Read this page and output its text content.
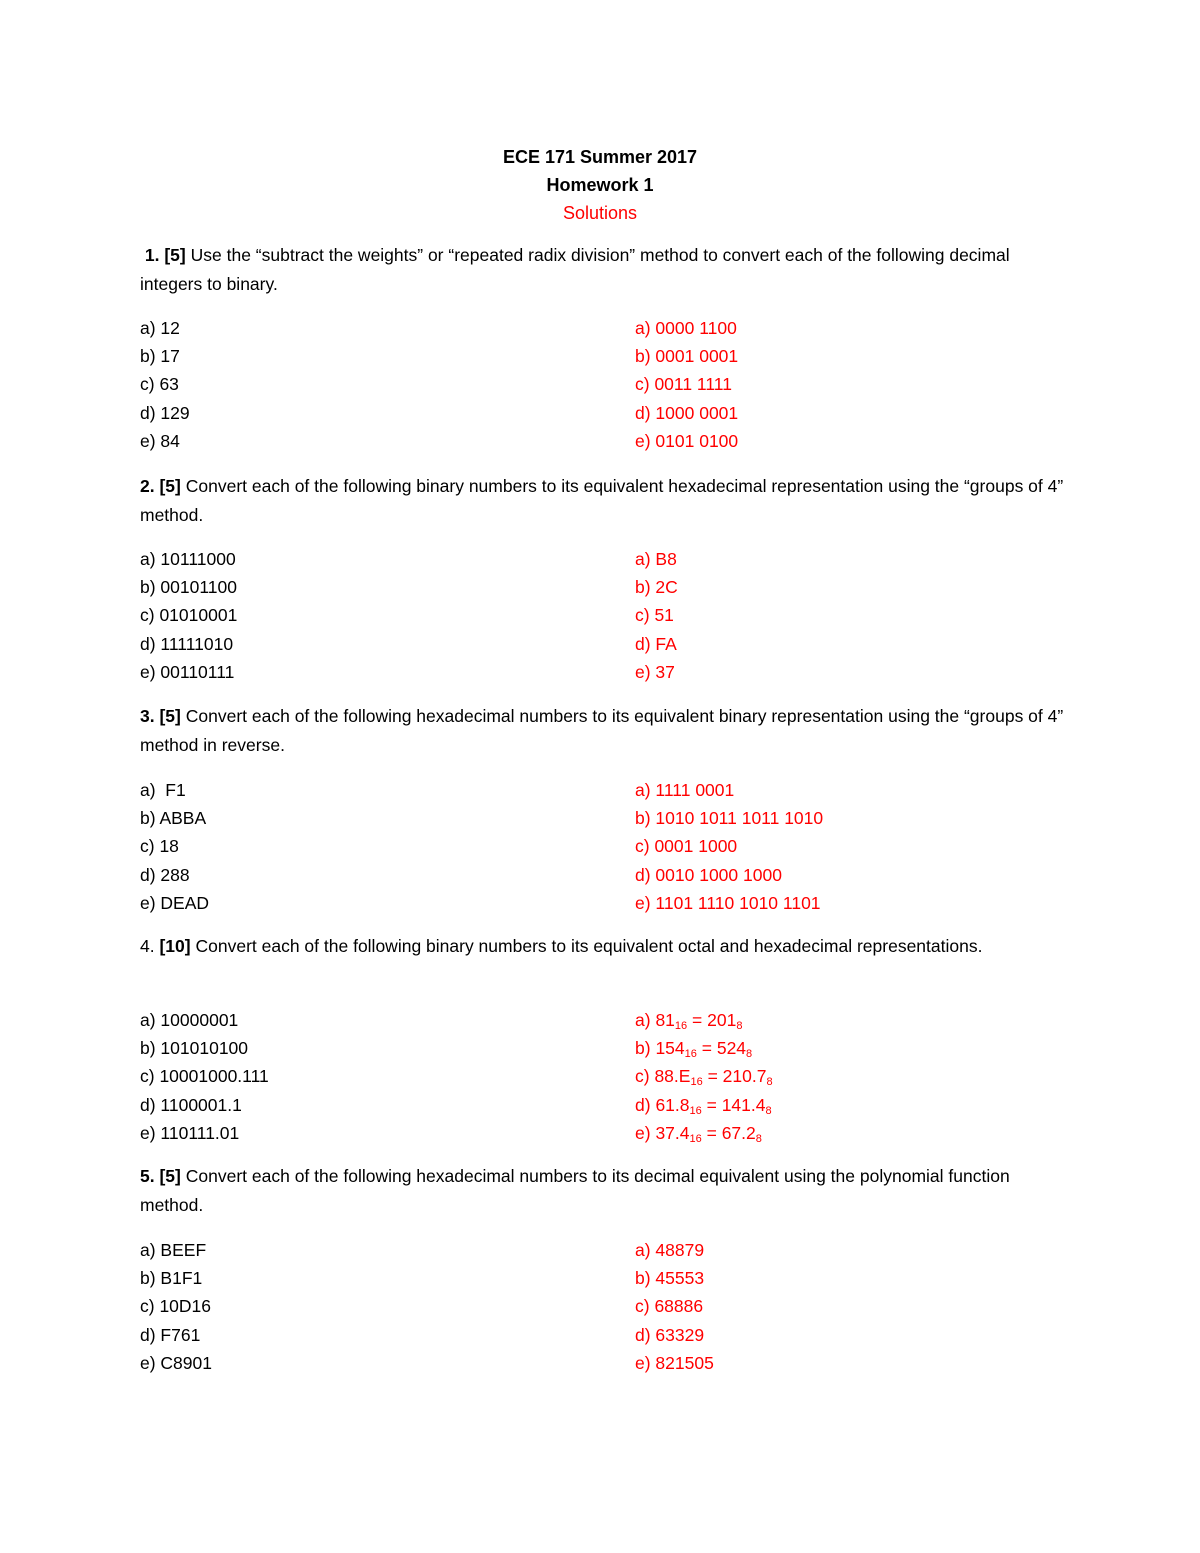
ECE 171 Summer 2017
Homework 1
Solutions
1. [5] Use the “subtract the weights” or “repeated radix division” method to convert each of the following decimal integers to binary.
a) 12	a) 0000 1100
b) 17	b) 0001 0001
c) 63	c) 0011 1111
d) 129	d) 1000 0001
e) 84	e) 0101 0100
2. [5] Convert each of the following binary numbers to its equivalent hexadecimal representation using the “groups of 4” method.
a) 10111000	a) B8
b) 00101100	b) 2C
c) 01010001	c) 51
d) 11111010	d) FA
e) 00110111	e) 37
3. [5] Convert each of the following hexadecimal numbers to its equivalent binary representation using the “groups of 4” method in reverse.
a)  F1	a) 1111 0001
b) ABBA	b) 1010 1011 1011 1010
c) 18	c) 0001 1000
d) 288	d) 0010 1000 1000
e) DEAD	e) 1101 1110 1010 1101
4. [10] Convert each of the following binary numbers to its equivalent octal and hexadecimal representations.
a) 10000001	a) $81_{16} = 201_8$
b) 101010100	b) $154_{16} = 524_8$
c) 10001000.111	c) $88.E_{16} = 210.7_8$
d) 1100001.1	d) $61.8_{16} = 141.4_8$
e) 110111.01	e) $37.4_{16} = 67.2_8$
5. [5] Convert each of the following hexadecimal numbers to its decimal equivalent using the polynomial function method.
a) BEEF	a) 48879
b) B1F1	b) 45553
c) 10D16	c) 68886
d) F761	d) 63329
e) C8901	e) 821505
